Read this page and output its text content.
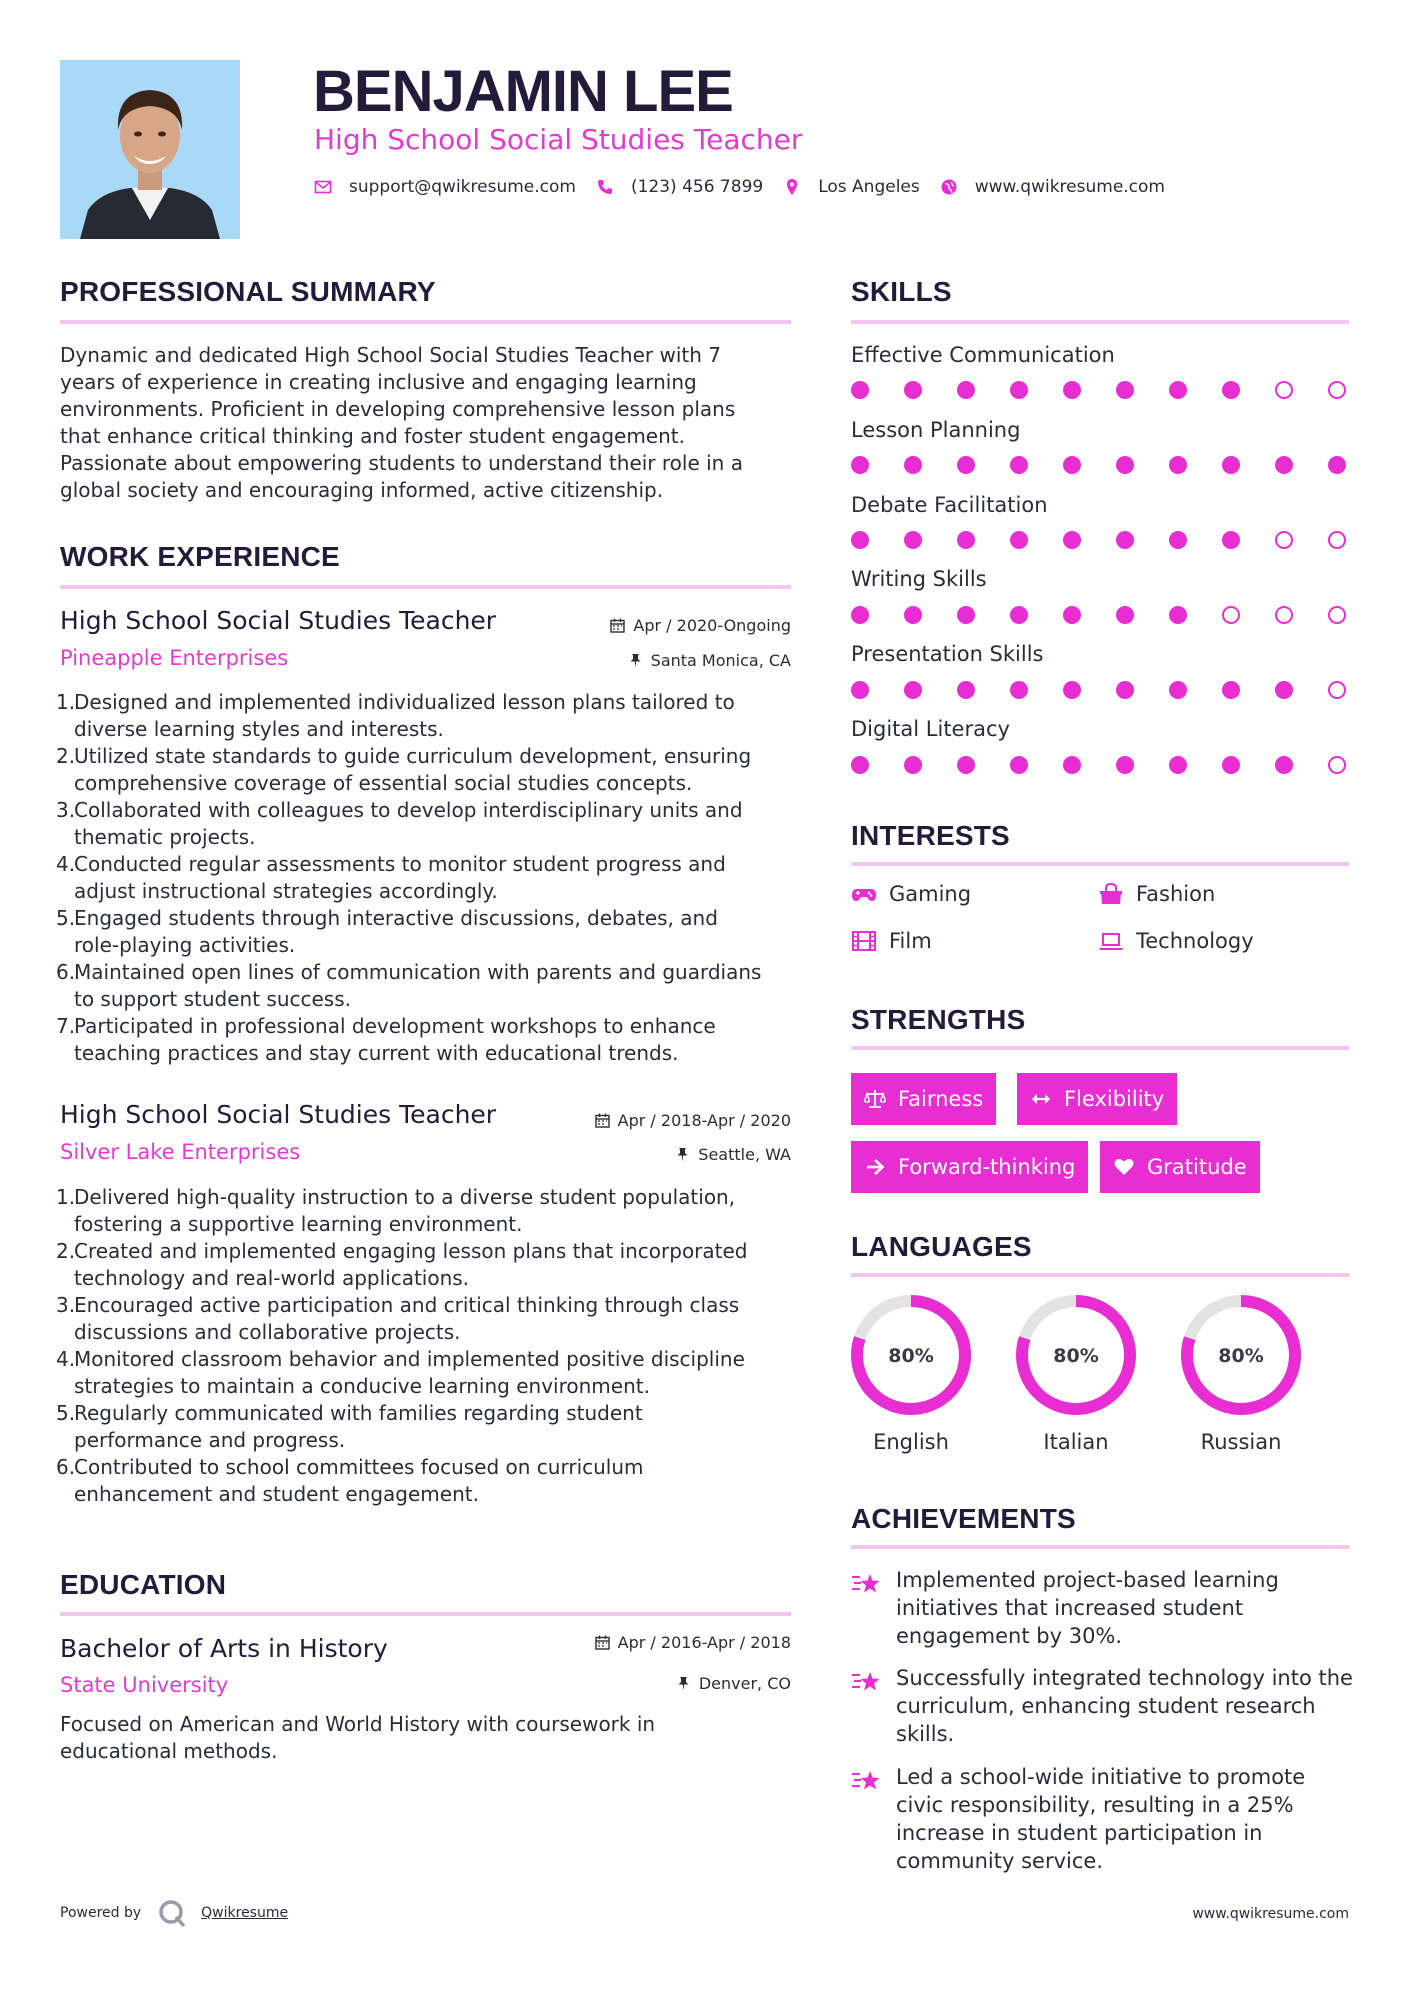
BENJAMIN LEE
High School Social Studies Teacher
support@qwikresume.com	(123) 456 7899	Los Angeles	www.qwikresume.com
PROFESSIONAL SUMMARY
Dynamic and dedicated High School Social Studies Teacher with 7
years of experience in creating inclusive and engaging learning
environments. Proficient in developing comprehensive lesson plans
that enhance critical thinking and foster student engagement.
Passionate about empowering students to understand their role in a
global society and encouraging informed, active citizenship.
WORK EXPERIENCE
High School Social Studies Teacher	Apr / 2020-Ongoing
Pineapple Enterprises	Santa Monica, CA
1.
Designed and implemented individualized lesson plans tailored to
diverse learning styles and interests.
2.
Utilized state standards to guide curriculum development, ensuring
comprehensive coverage of essential social studies concepts.
3.
Collaborated with colleagues to develop interdisciplinary units and
thematic projects.
4.
Conducted regular assessments to monitor student progress and
adjust instructional strategies accordingly.
5.
Engaged students through interactive discussions, debates, and
role-playing activities.
6.
Maintained open lines of communication with parents and guardians
to support student success.
7.
Participated in professional development workshops to enhance
teaching practices and stay current with educational trends.
High School Social Studies Teacher	Apr / 2018-Apr / 2020
Silver Lake Enterprises	Seattle, WA
1.
Delivered high-quality instruction to a diverse student population,
fostering a supportive learning environment.
2.
Created and implemented engaging lesson plans that incorporated
technology and real-world applications.
3.
Encouraged active participation and critical thinking through class
discussions and collaborative projects.
4.
Monitored classroom behavior and implemented positive discipline
strategies to maintain a conducive learning environment.
5.
Regularly communicated with families regarding student
performance and progress.
6.
Contributed to school committees focused on curriculum
enhancement and student engagement.
EDUCATION
Bachelor of Arts in History	Apr / 2016-Apr / 2018
State University	Denver, CO
Focused on American and World History with coursework in
educational methods.
SKILLS
Effective Communication
Lesson Planning
Debate Facilitation
Writing Skills
Presentation Skills
Digital Literacy
INTERESTS
Gaming	Fashion
Film	Technology
STRENGTHS
Fairness	Flexibility
Forward-thinking	Gratitude
LANGUAGES
80%
English
80%
Italian
80%
Russian
ACHIEVEMENTS
Implemented project-based learning
initiatives that increased student
engagement by 30%.
Successfully integrated technology into the
curriculum, enhancing student research
skills.
Led a school-wide initiative to promote
civic responsibility, resulting in a 25%
increase in student participation in
community service.
Powered by	Qwikresume	www.qwikresume.com
